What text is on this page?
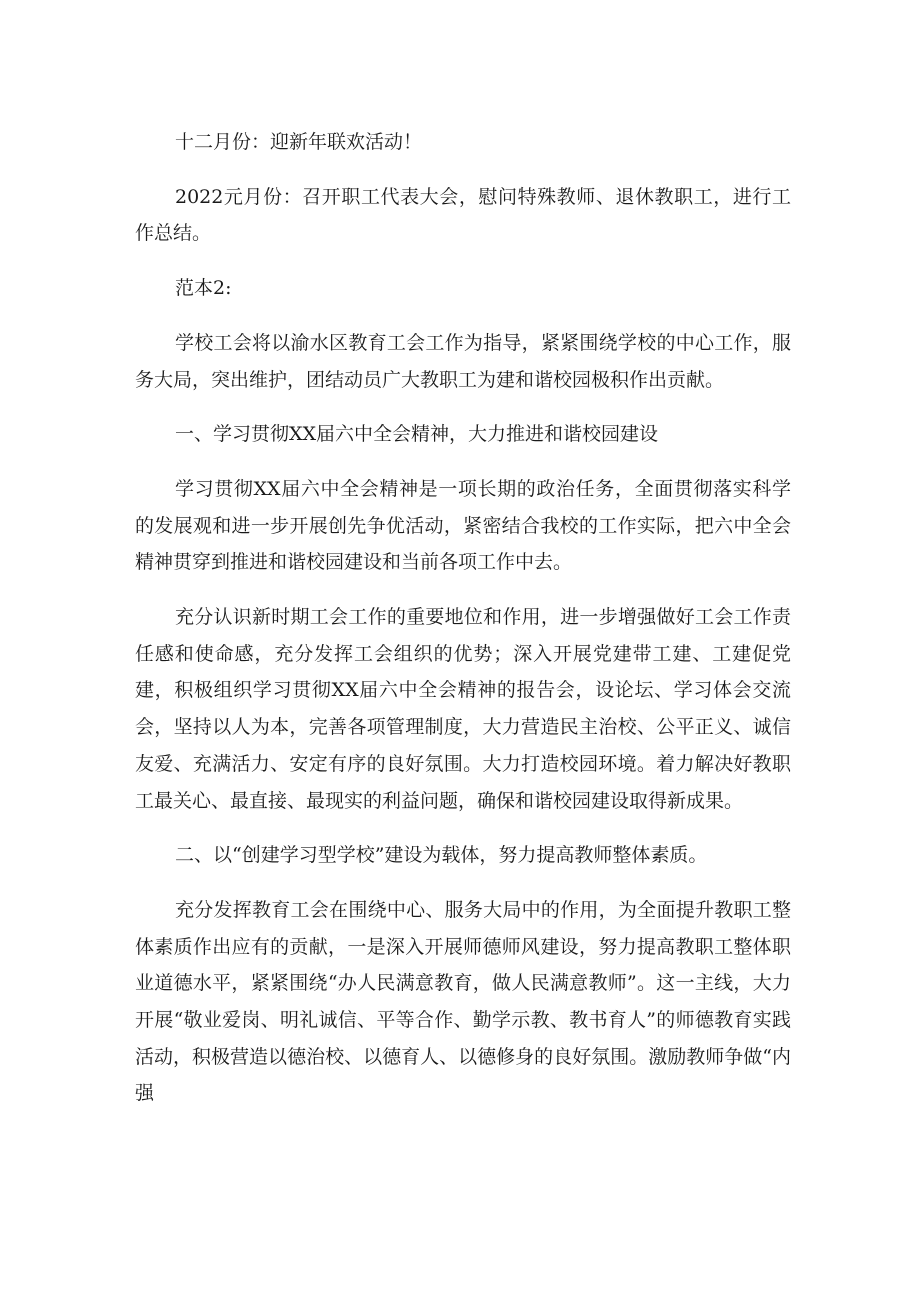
十二月份：迎新年联欢活动！

2022元月份：召开职工代表大会，慰问特殊教师、退休教职工，进行工作总结。

范本2:

学校工会将以渝水区教育工会工作为指导，紧紧围绕学校的中心工作，服务大局，突出维护，团结动员广大教职工为建和谐校园极积作出贡献。

一、学习贯彻XX届六中全会精神，大力推进和谐校园建设

学习贯彻XX届六中全会精神是一项长期的政治任务，全面贯彻落实科学的发展观和进一步开展创先争优活动，紧密结合我校的工作实际，把六中全会精神贯穿到推进和谐校园建设和当前各项工作中去。

充分认识新时期工会工作的重要地位和作用，进一步增强做好工会工作责任感和使命感，充分发挥工会组织的优势；深入开展党建带工建、工建促党建，积极组织学习贯彻XX届六中全会精神的报告会，设论坛、学习体会交流会，坚持以人为本，完善各项管理制度，大力营造民主治校、公平正义、诚信友爱、充满活力、安定有序的良好氛围。大力打造校园环境。着力解决好教职工最关心、最直接、最现实的利益问题，确保和谐校园建设取得新成果。

二、以“创建学习型学校”建设为载体，努力提高教师整体素质。

充分发挥教育工会在围绕中心、服务大局中的作用，为全面提升教职工整体素质作出应有的贡献，一是深入开展师德师风建设，努力提高教职工整体职业道德水平，紧紧围绕“办人民满意教育，做人民满意教师”。这一主线，大力开展“敬业爱岗、明礼诚信、平等合作、勤学示教、教书育人”的师德教育实践活动，积极营造以德治校、以德育人、以德修身的良好氛围。激励教师争做“内强
